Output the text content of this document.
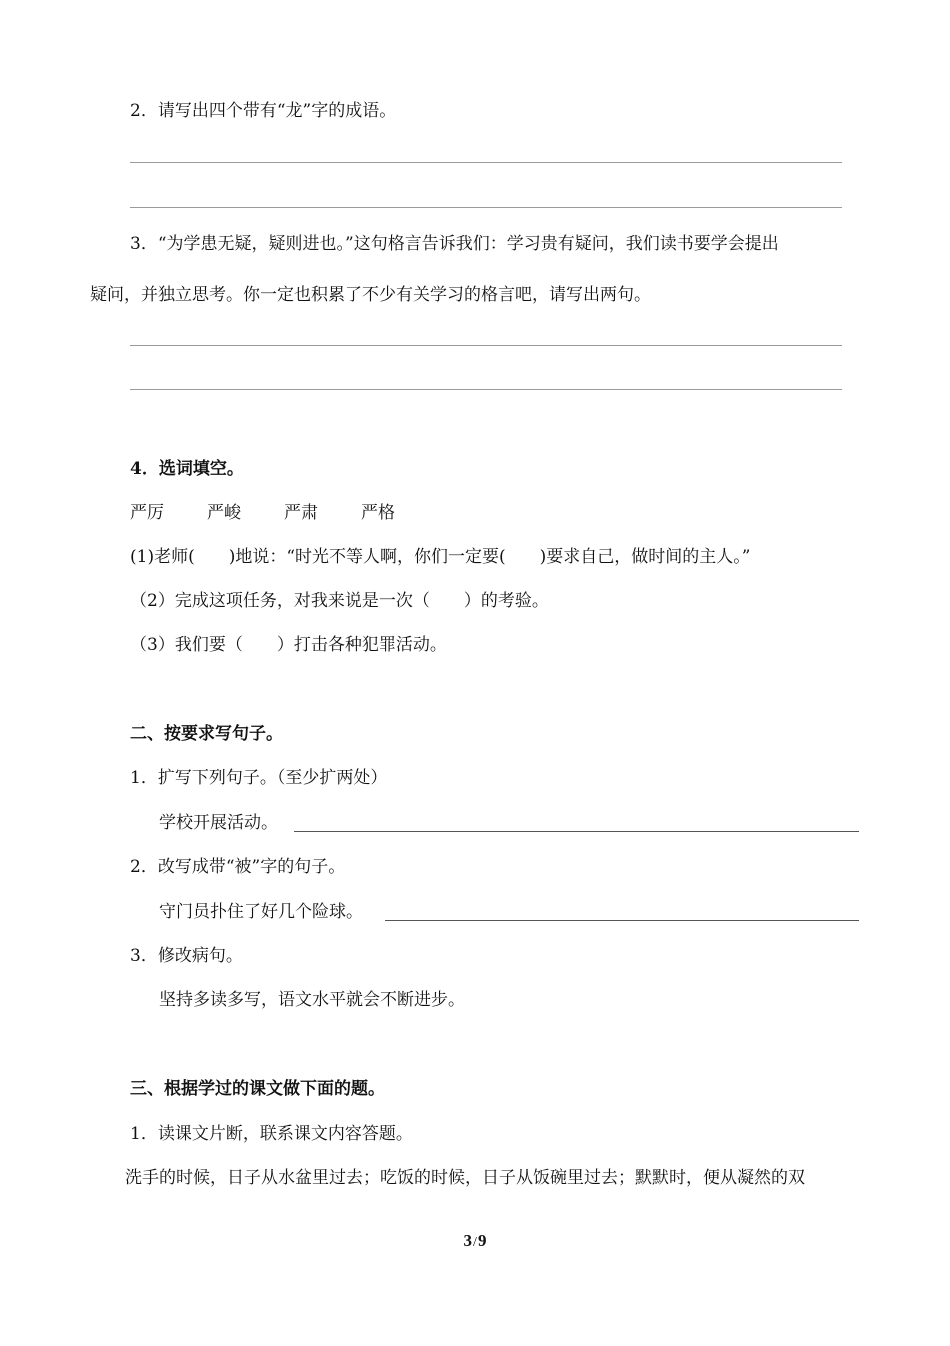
2．请写出四个带有“龙”字的成语。
3．“为学患无疑，疑则进也。”这句格言告诉我们：学习贵有疑问，我们读书要学会提出
疑问，并独立思考。你一定也积累了不少有关学习的格言吧，请写出两句。
4．选词填空。
严厉	严峻	严肃	严格
(1)老师(　　)地说：“时光不等人啊，你们一定要(　　)要求自己，做时间的主人。”
（2）完成这项任务，对我来说是一次（　　）的考验。
（3）我们要（　　）打击各种犯罪活动。
二、按要求写句子。
1．扩写下列句子。（至少扩两处）
学校开展活动。
2．改写成带“被”字的句子。
守门员扑住了好几个险球。
3．修改病句。
坚持多读多写，语文水平就会不断进步。
三、根据学过的课文做下面的题。
1．读课文片断，联系课文内容答题。
洗手的时候，日子从水盆里过去；吃饭的时候，日子从饭碗里过去；默默时，便从凝然的双
3/9
